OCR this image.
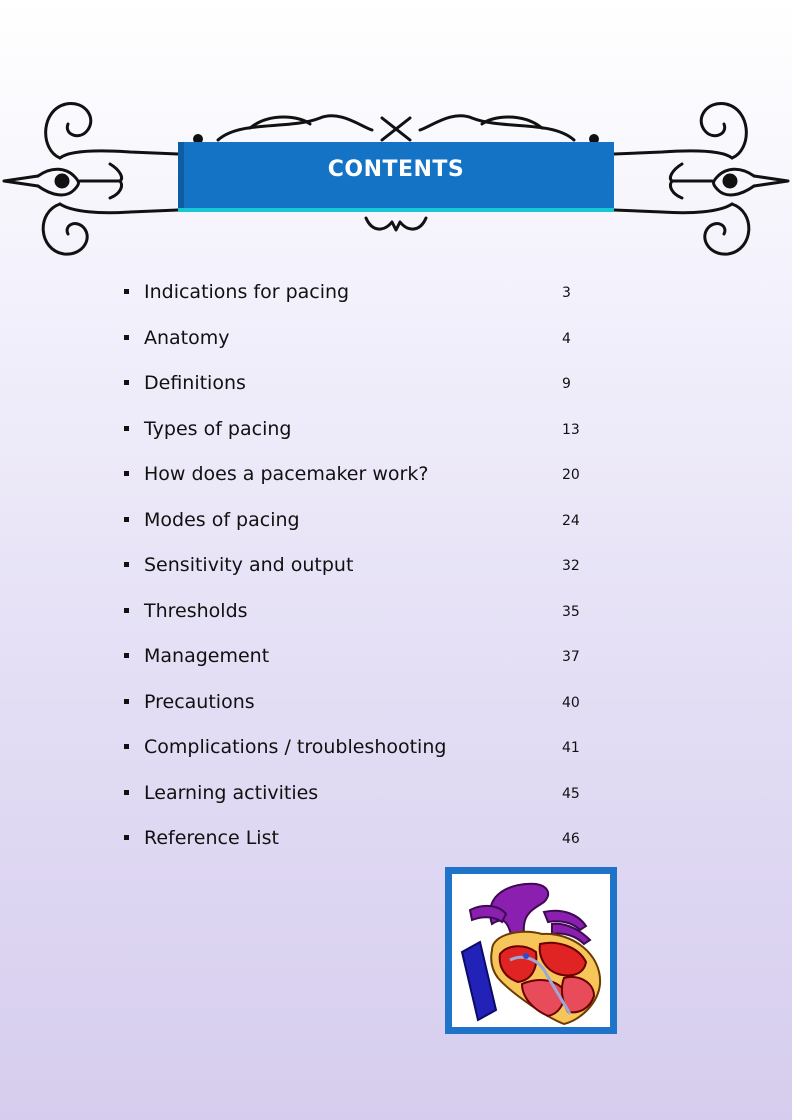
CONTENTS
Indications for pacing	3
Anatomy	4
Definitions	9
Types of pacing	13
How does a pacemaker work?	20
Modes of pacing	24
Sensitivity and output	32
Thresholds	35
Management	37
Precautions	40
Complications / troubleshooting	41
Learning activities	45
Reference List	46
